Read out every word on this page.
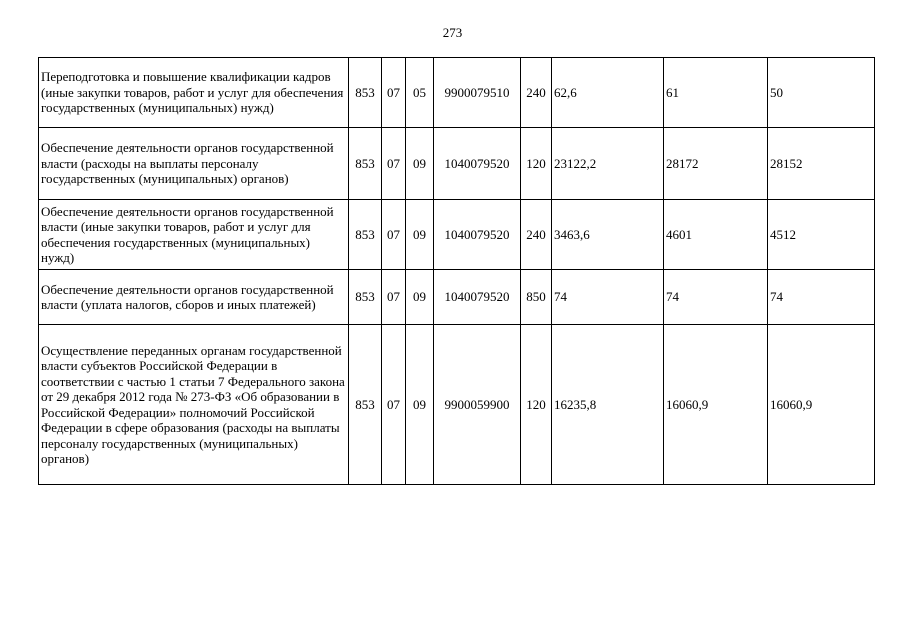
273
Переподготовка и повышение квалификации кадров (иные закупки товаров, работ и услуг для обеспечения государственных (муниципальных) нужд)	853	07	05	9900079510	240	62,6	61	50
Обеспечение деятельности органов государственной власти (расходы на выплаты персоналу государственных (муниципальных) органов)	853	07	09	1040079520	120	23122,2	28172	28152
Обеспечение деятельности органов государственной власти (иные закупки товаров, работ и услуг для обеспечения государственных (муниципальных) нужд)	853	07	09	1040079520	240	3463,6	4601	4512
Обеспечение деятельности органов государственной власти (уплата налогов, сборов и иных платежей)	853	07	09	1040079520	850	74	74	74
Осуществление переданных органам государственной власти субъектов Российской Федерации в соответствии с частью 1 статьи 7 Федерального закона от 29 декабря 2012 года № 273-ФЗ «Об образовании в Российской Федерации» полномочий Российской Федерации в сфере образования (расходы на выплаты персоналу государственных (муниципальных) органов)	853	07	09	9900059900	120	16235,8	16060,9	16060,9
